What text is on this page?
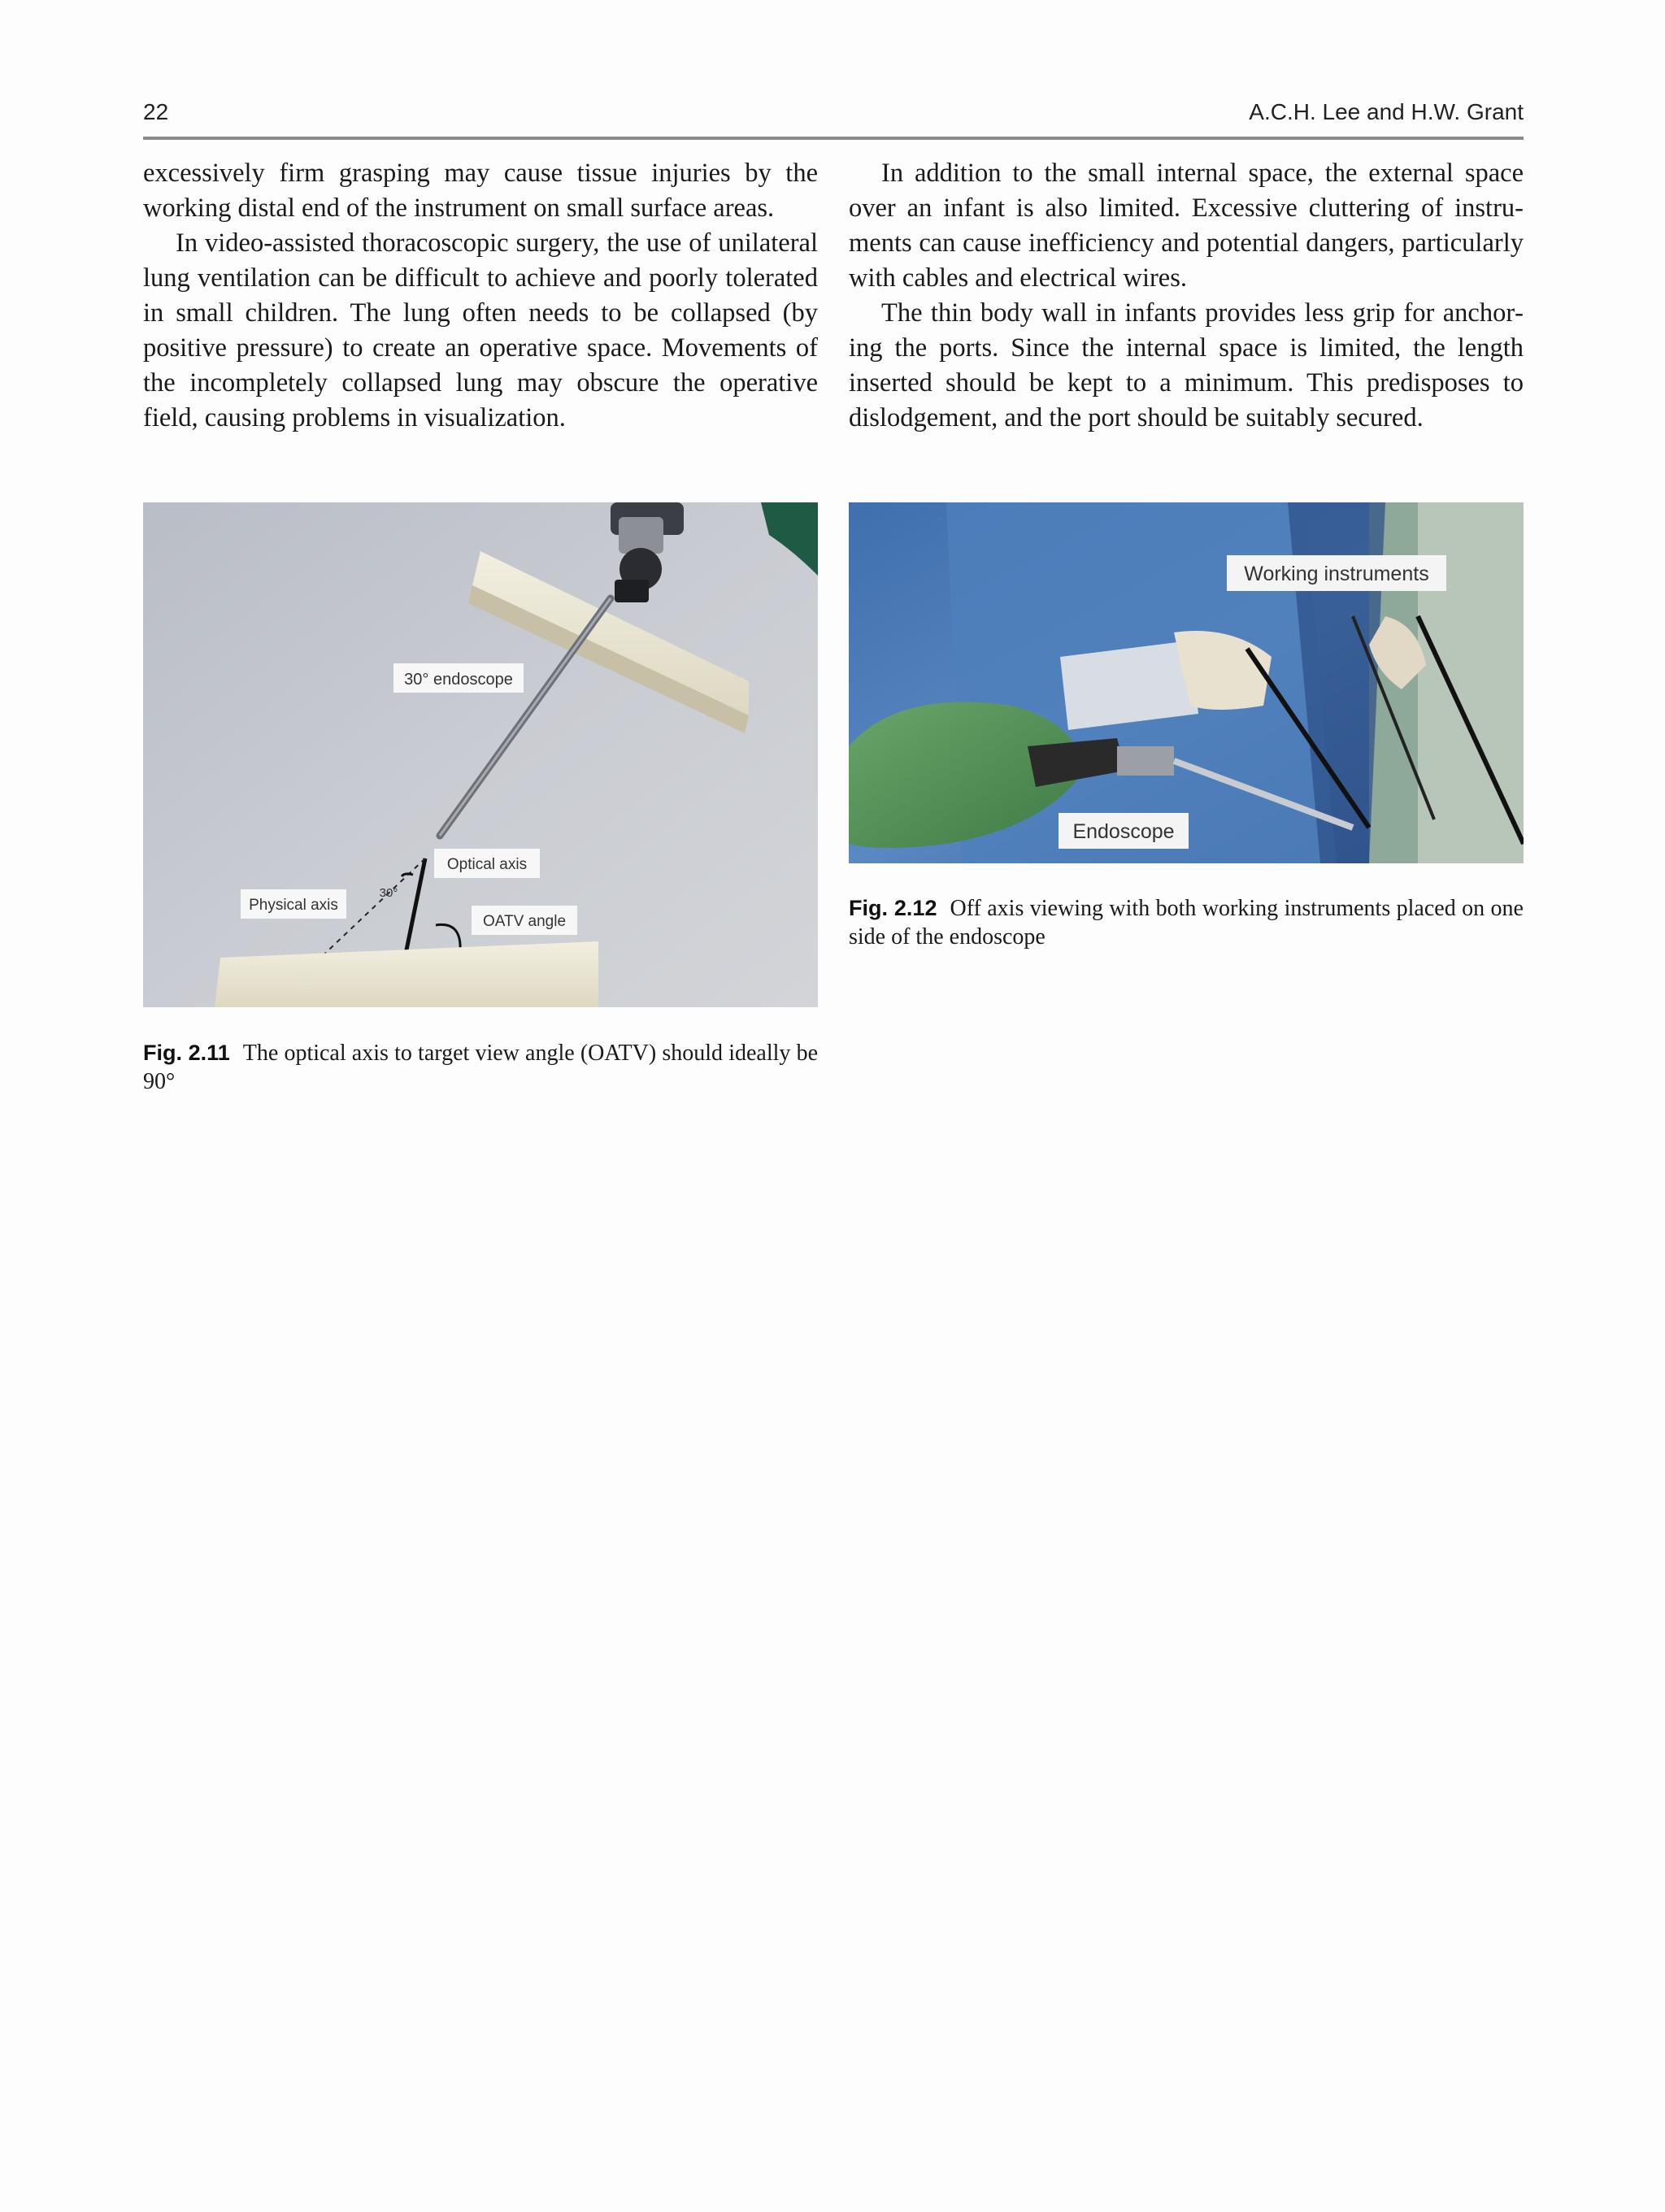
22	A.C.H. Lee and H.W. Grant

excessively firm grasping may cause tissue injuries by the working distal end of the instrument on small surface areas.

In video-assisted thoracoscopic surgery, the use of unilateral lung ventilation can be difficult to achieve and poorly tolerated in small children. The lung often needs to be collapsed (by positive pressure) to create an operative space. Movements of the incompletely collapsed lung may obscure the operative field, causing problems in visualization.

In addition to the small internal space, the external space over an infant is also limited. Excessive cluttering of instruments can cause inefficiency and potential dangers, particularly with cables and electrical wires.

The thin body wall in infants provides less grip for anchoring the ports. Since the internal space is limited, the length inserted should be kept to a minimum. This predisposes to dislodgement, and the port should be suitably secured.

30° endoscope
Optical axis
Physical axis
OATV angle
30°
Fig. 2.11 The optical axis to target view angle (OATV) should ideally be 90°
Working instruments
Endoscope
Fig. 2.12 Off axis viewing with both working instruments placed on one side of the endoscope
